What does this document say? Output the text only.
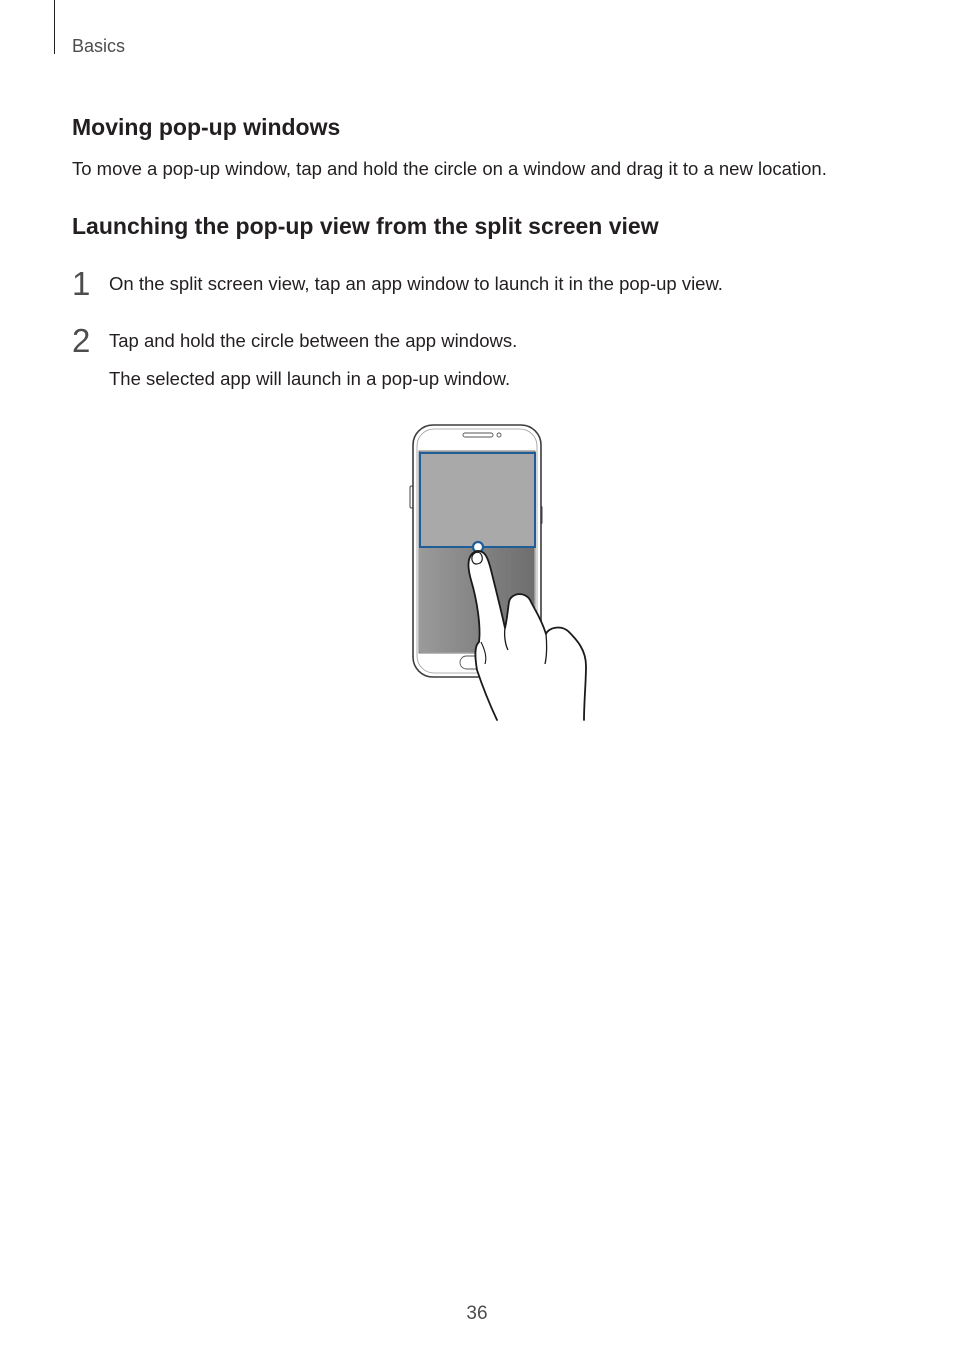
Basics
Moving pop-up windows

To move a pop-up window, tap and hold the circle on a window and drag it to a new location.

Launching the pop-up view from the split screen view
1 On the split screen view, tap an app window to launch it in the pop-up view.
2 Tap and hold the circle between the app windows.
The selected app will launch in a pop-up window.
36
